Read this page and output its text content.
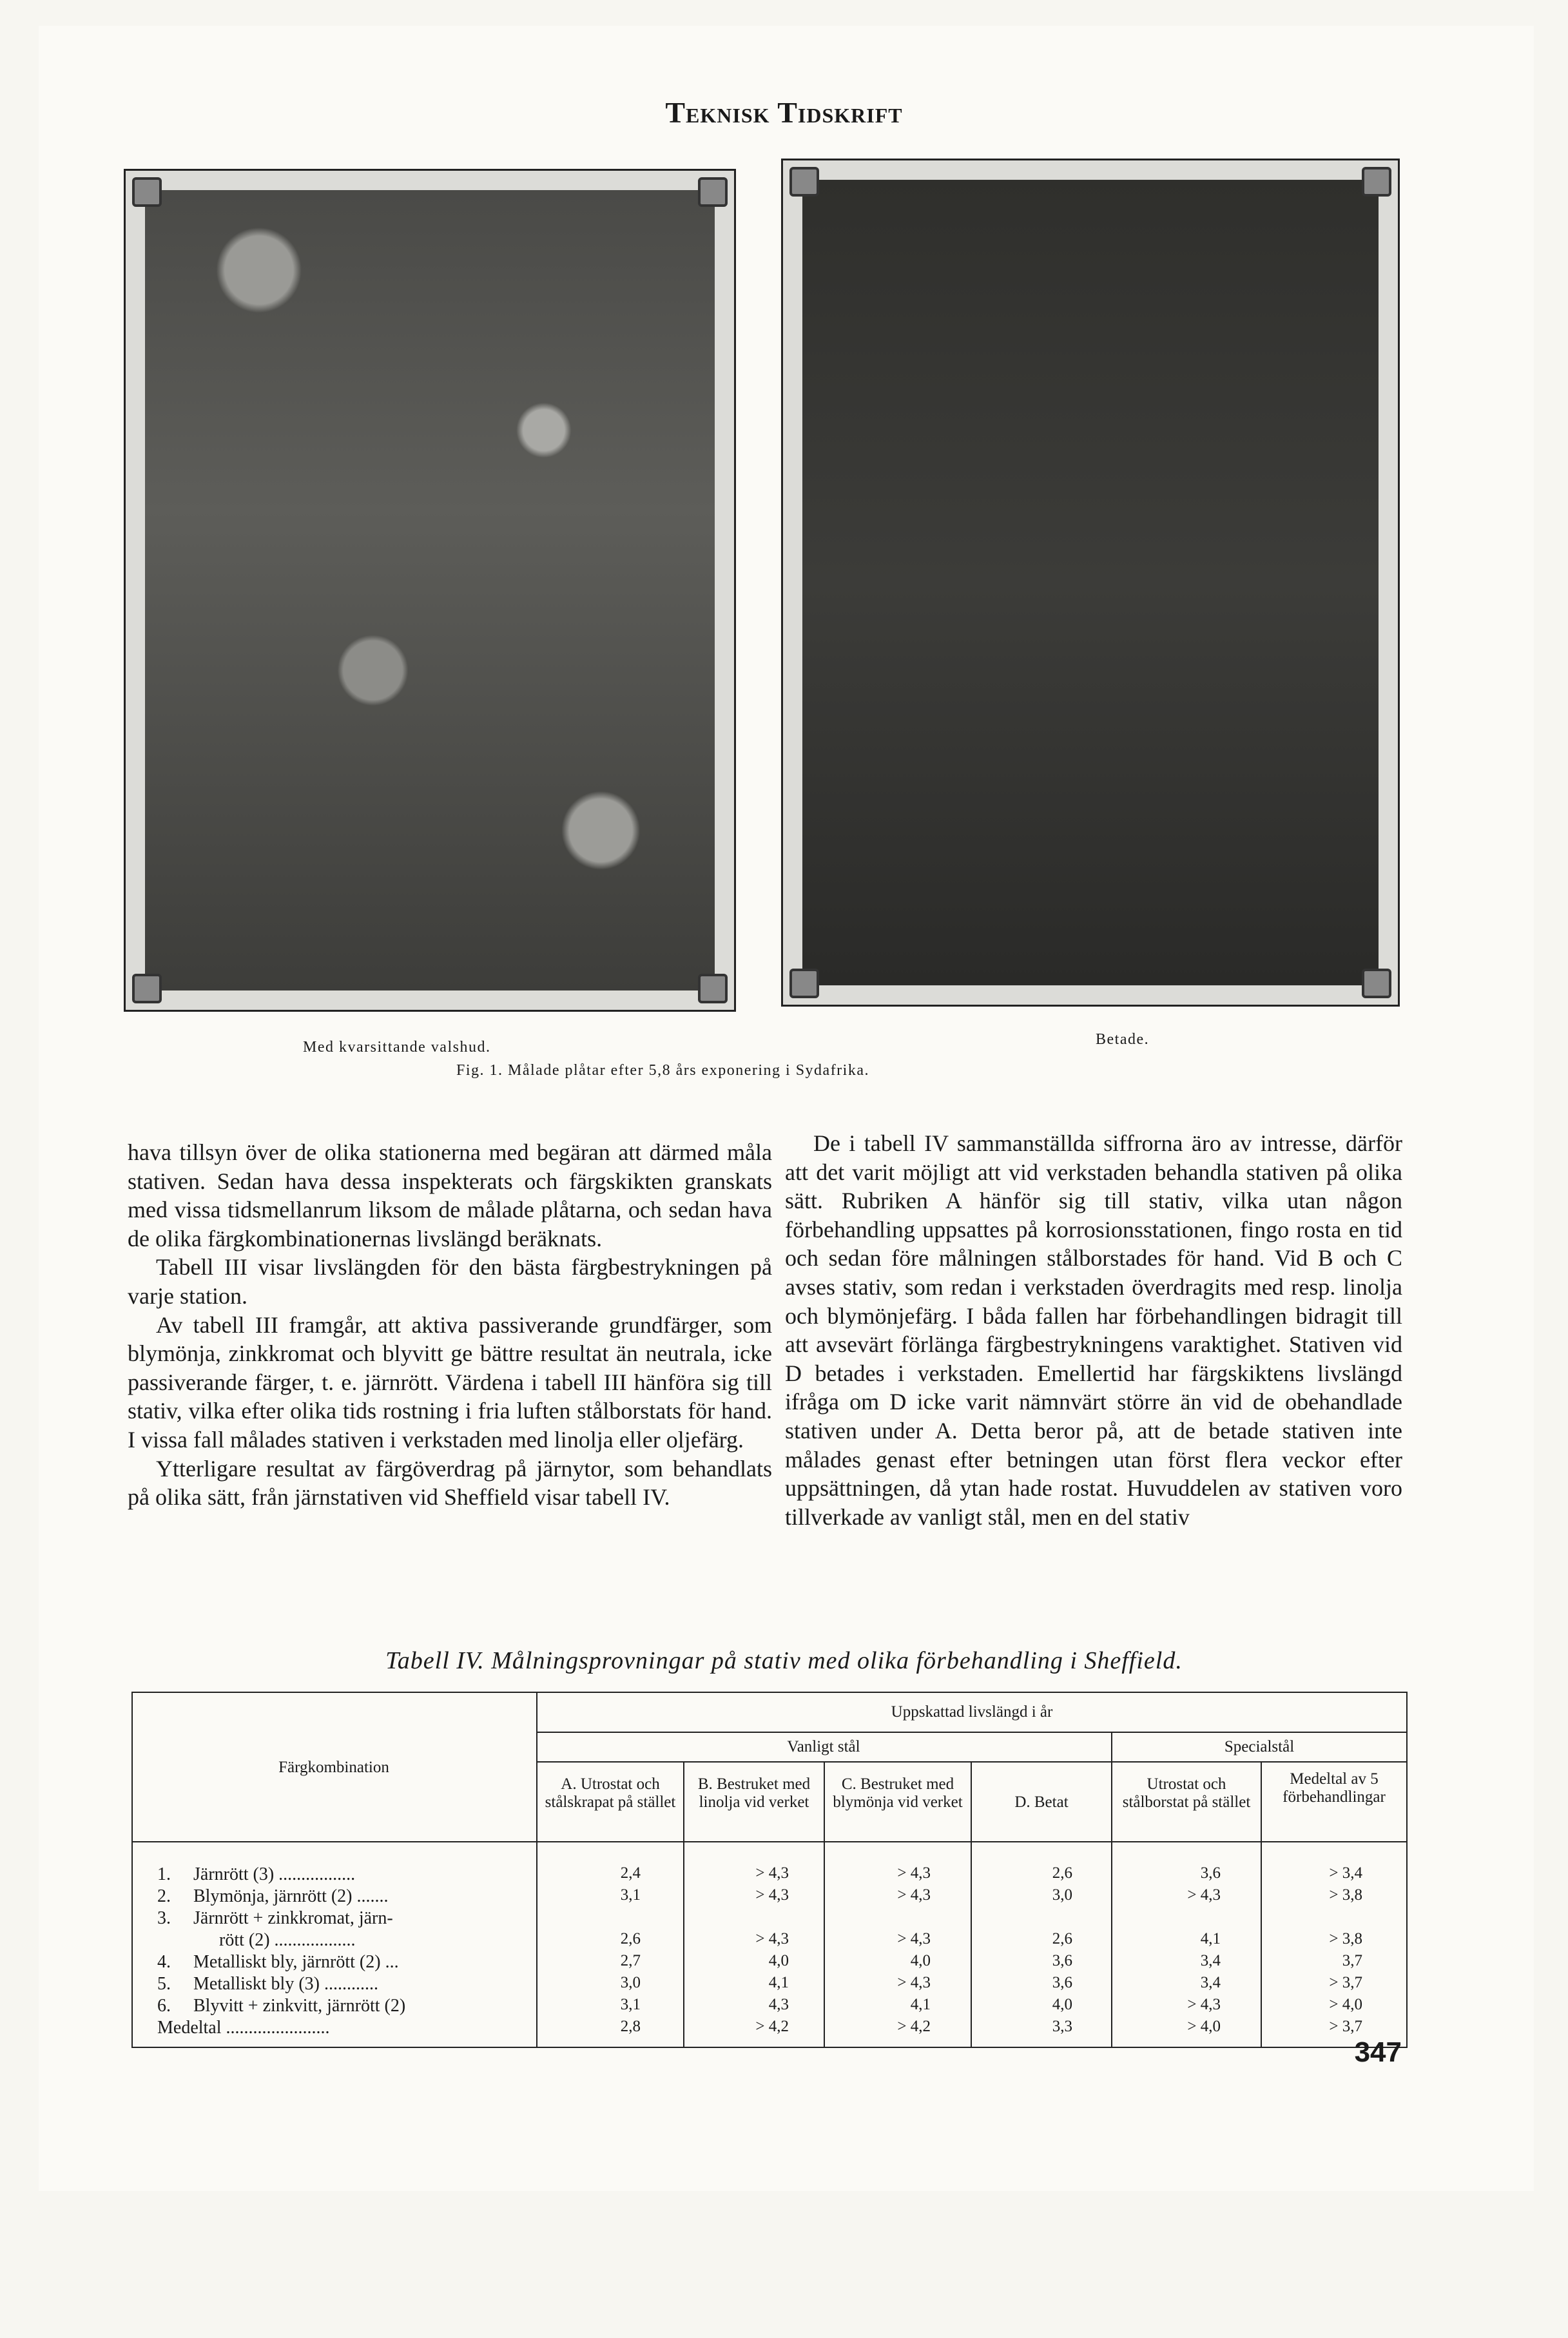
Teknisk Tidskrift
Med kvarsittande valshud.	Betade.
Fig. 1. Målade plåtar efter 5,8 års exponering i Sydafrika.

hava tillsyn över de olika stationerna med begäran att därmed måla stativen. Sedan hava dessa inspekterats och färgskikten granskats med vissa tidsmellanrum liksom de målade plåtarna, och sedan hava de olika färgkombinationernas livslängd beräknats.

Tabell III visar livslängden för den bästa färgbestrykningen på varje station.

Av tabell III framgår, att aktiva passiverande grundfärger, som blymönja, zinkkromat och blyvitt ge bättre resultat än neutrala, icke passiverande färger, t. e. järnrött. Värdena i tabell III hänföra sig till stativ, vilka efter olika tids rostning i fria luften stålborstats för hand. I vissa fall målades stativen i verkstaden med linolja eller oljefärg.

Ytterligare resultat av färgöverdrag på järnytor, som behandlats på olika sätt, från järnstativen vid Sheffield visar tabell IV.

De i tabell IV sammanställda siffrorna äro av intresse, därför att det varit möjligt att vid verkstaden behandla stativen på olika sätt. Rubriken A hänför sig till stativ, vilka utan någon förbehandling uppsattes på korrosionsstationen, fingo rosta en tid och sedan före målningen stålborstades för hand. Vid B och C avses stativ, som redan i verkstaden överdragits med resp. linolja och blymönjefärg. I båda fallen har förbehandlingen bidragit till att avsevärt förlänga färgbestrykningens varaktighet. Stativen vid D betades i verkstaden. Emellertid har färgskiktens livslängd ifråga om D icke varit nämnvärt större än vid de obehandlade stativen under A. Detta beror på, att de betade stativen inte målades genast efter betningen utan först flera veckor efter uppsättningen, då ytan hade rostat. Huvuddelen av stativen voro tillverkade av vanligt stål, men en del stativ

Tabell IV. Målningsprovningar på stativ med olika förbehandling i Sheffield.
Uppskattad livslängd i år
Färgkombination
Vanligt stål	Specialstål
A. Utrostat och stålskrapat på stället
B. Bestruket med linolja vid verket
C. Bestruket med blymönja vid verket	D. Betat
Utrostat och stålborstat på stället
Medeltal av 5 förbehandlingar
1. Järnrött (3) .................	2,4	> 4,3	> 4,3	2,6	3,6	> 3,4
2. Blymönja, järnrött (2) .......	3,1	> 4,3	> 4,3	3,0	> 4,3	> 3,8
3. Järnrött + zinkkromat, järn-
rött (2) ..................	2,6	> 4,3	> 4,3	2,6	4,1	> 3,8
4. Metalliskt bly, järnrött (2) ...	2,7	4,0	4,0	3,6	3,4	3,7
5. Metalliskt bly (3) ............	3,0	4,1	> 4,3	3,6	3,4	> 3,7
6. Blyvitt + zinkvitt, järnrött (2)	3,1	4,3	4,1	4,0	> 4,3	> 4,0
Medeltal .......................	2,8	> 4,2	> 4,2	3,3	> 4,0	> 3,7
347
